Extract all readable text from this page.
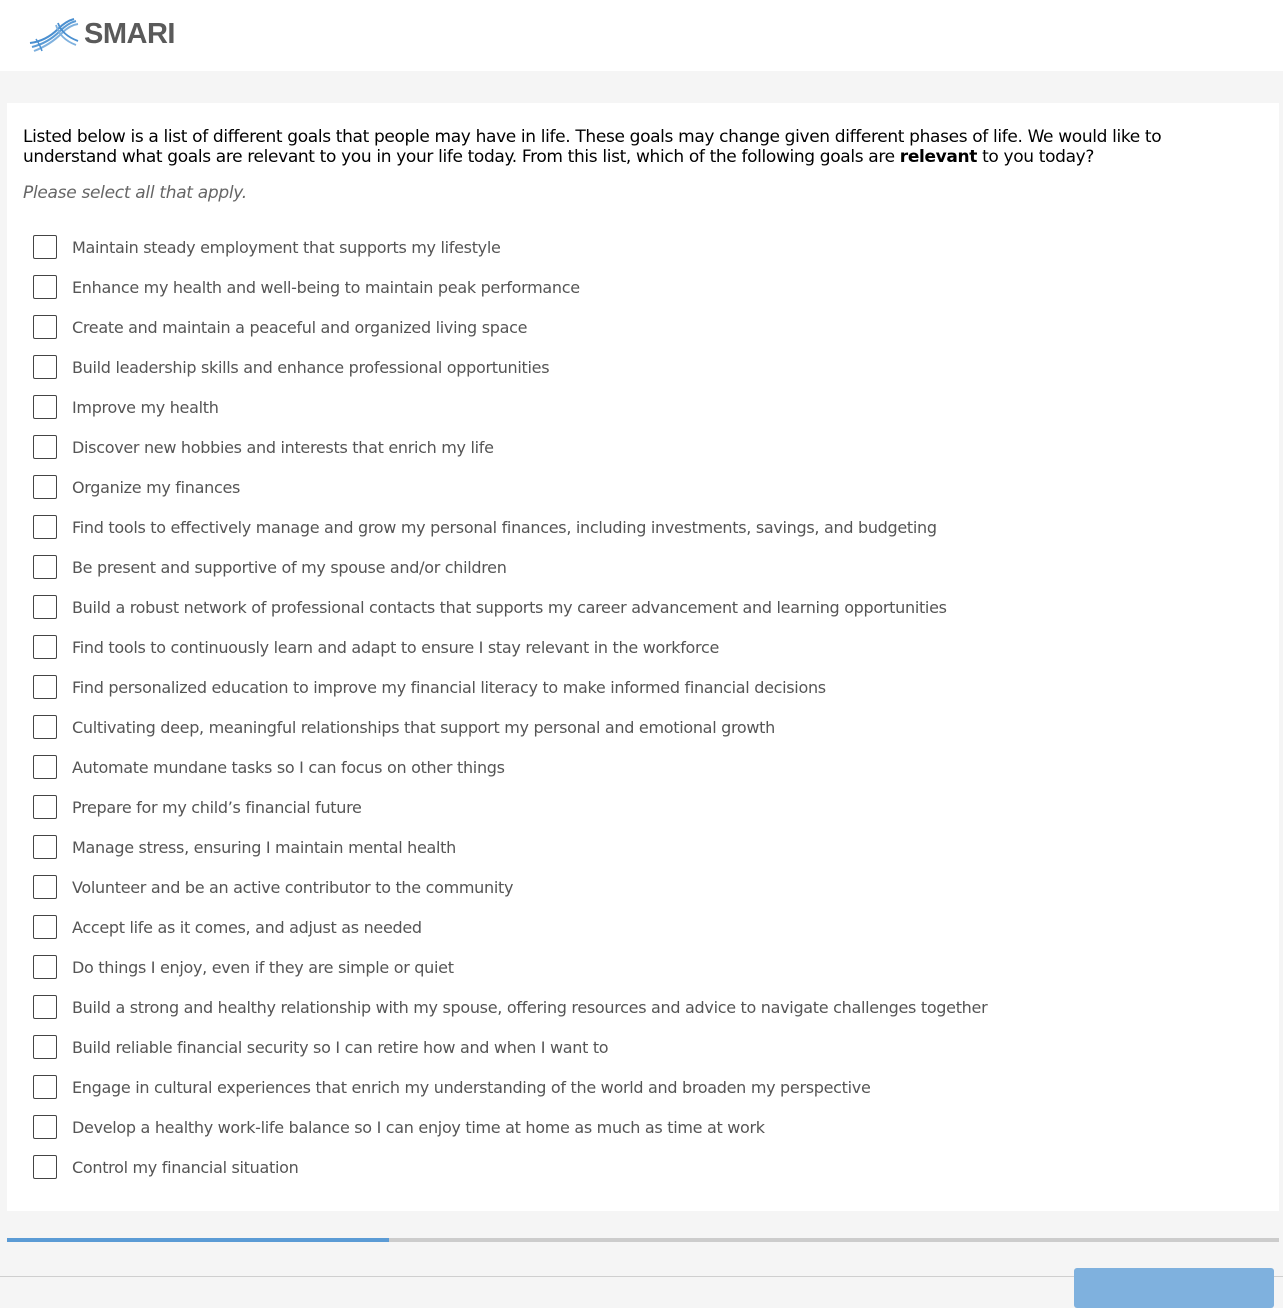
SMARI

Listed below is a list of different goals that people may have in life. These goals may change given different phases of life. We would like to understand what goals are relevant to you in your life today. From this list, which of the following goals are relevant to you today?

Please select all that apply.

Maintain steady employment that supports my lifestyle
Enhance my health and well-being to maintain peak performance
Create and maintain a peaceful and organized living space
Build leadership skills and enhance professional opportunities
Improve my health
Discover new hobbies and interests that enrich my life
Organize my finances
Find tools to effectively manage and grow my personal finances, including investments, savings, and budgeting
Be present and supportive of my spouse and/or children
Build a robust network of professional contacts that supports my career advancement and learning opportunities
Find tools to continuously learn and adapt to ensure I stay relevant in the workforce
Find personalized education to improve my financial literacy to make informed financial decisions
Cultivating deep, meaningful relationships that support my personal and emotional growth
Automate mundane tasks so I can focus on other things
Prepare for my child’s financial future
Manage stress, ensuring I maintain mental health
Volunteer and be an active contributor to the community
Accept life as it comes, and adjust as needed
Do things I enjoy, even if they are simple or quiet
Build a strong and healthy relationship with my spouse, offering resources and advice to navigate challenges together
Build reliable financial security so I can retire how and when I want to
Engage in cultural experiences that enrich my understanding of the world and broaden my perspective
Develop a healthy work-life balance so I can enjoy time at home as much as time at work
Control my financial situation
